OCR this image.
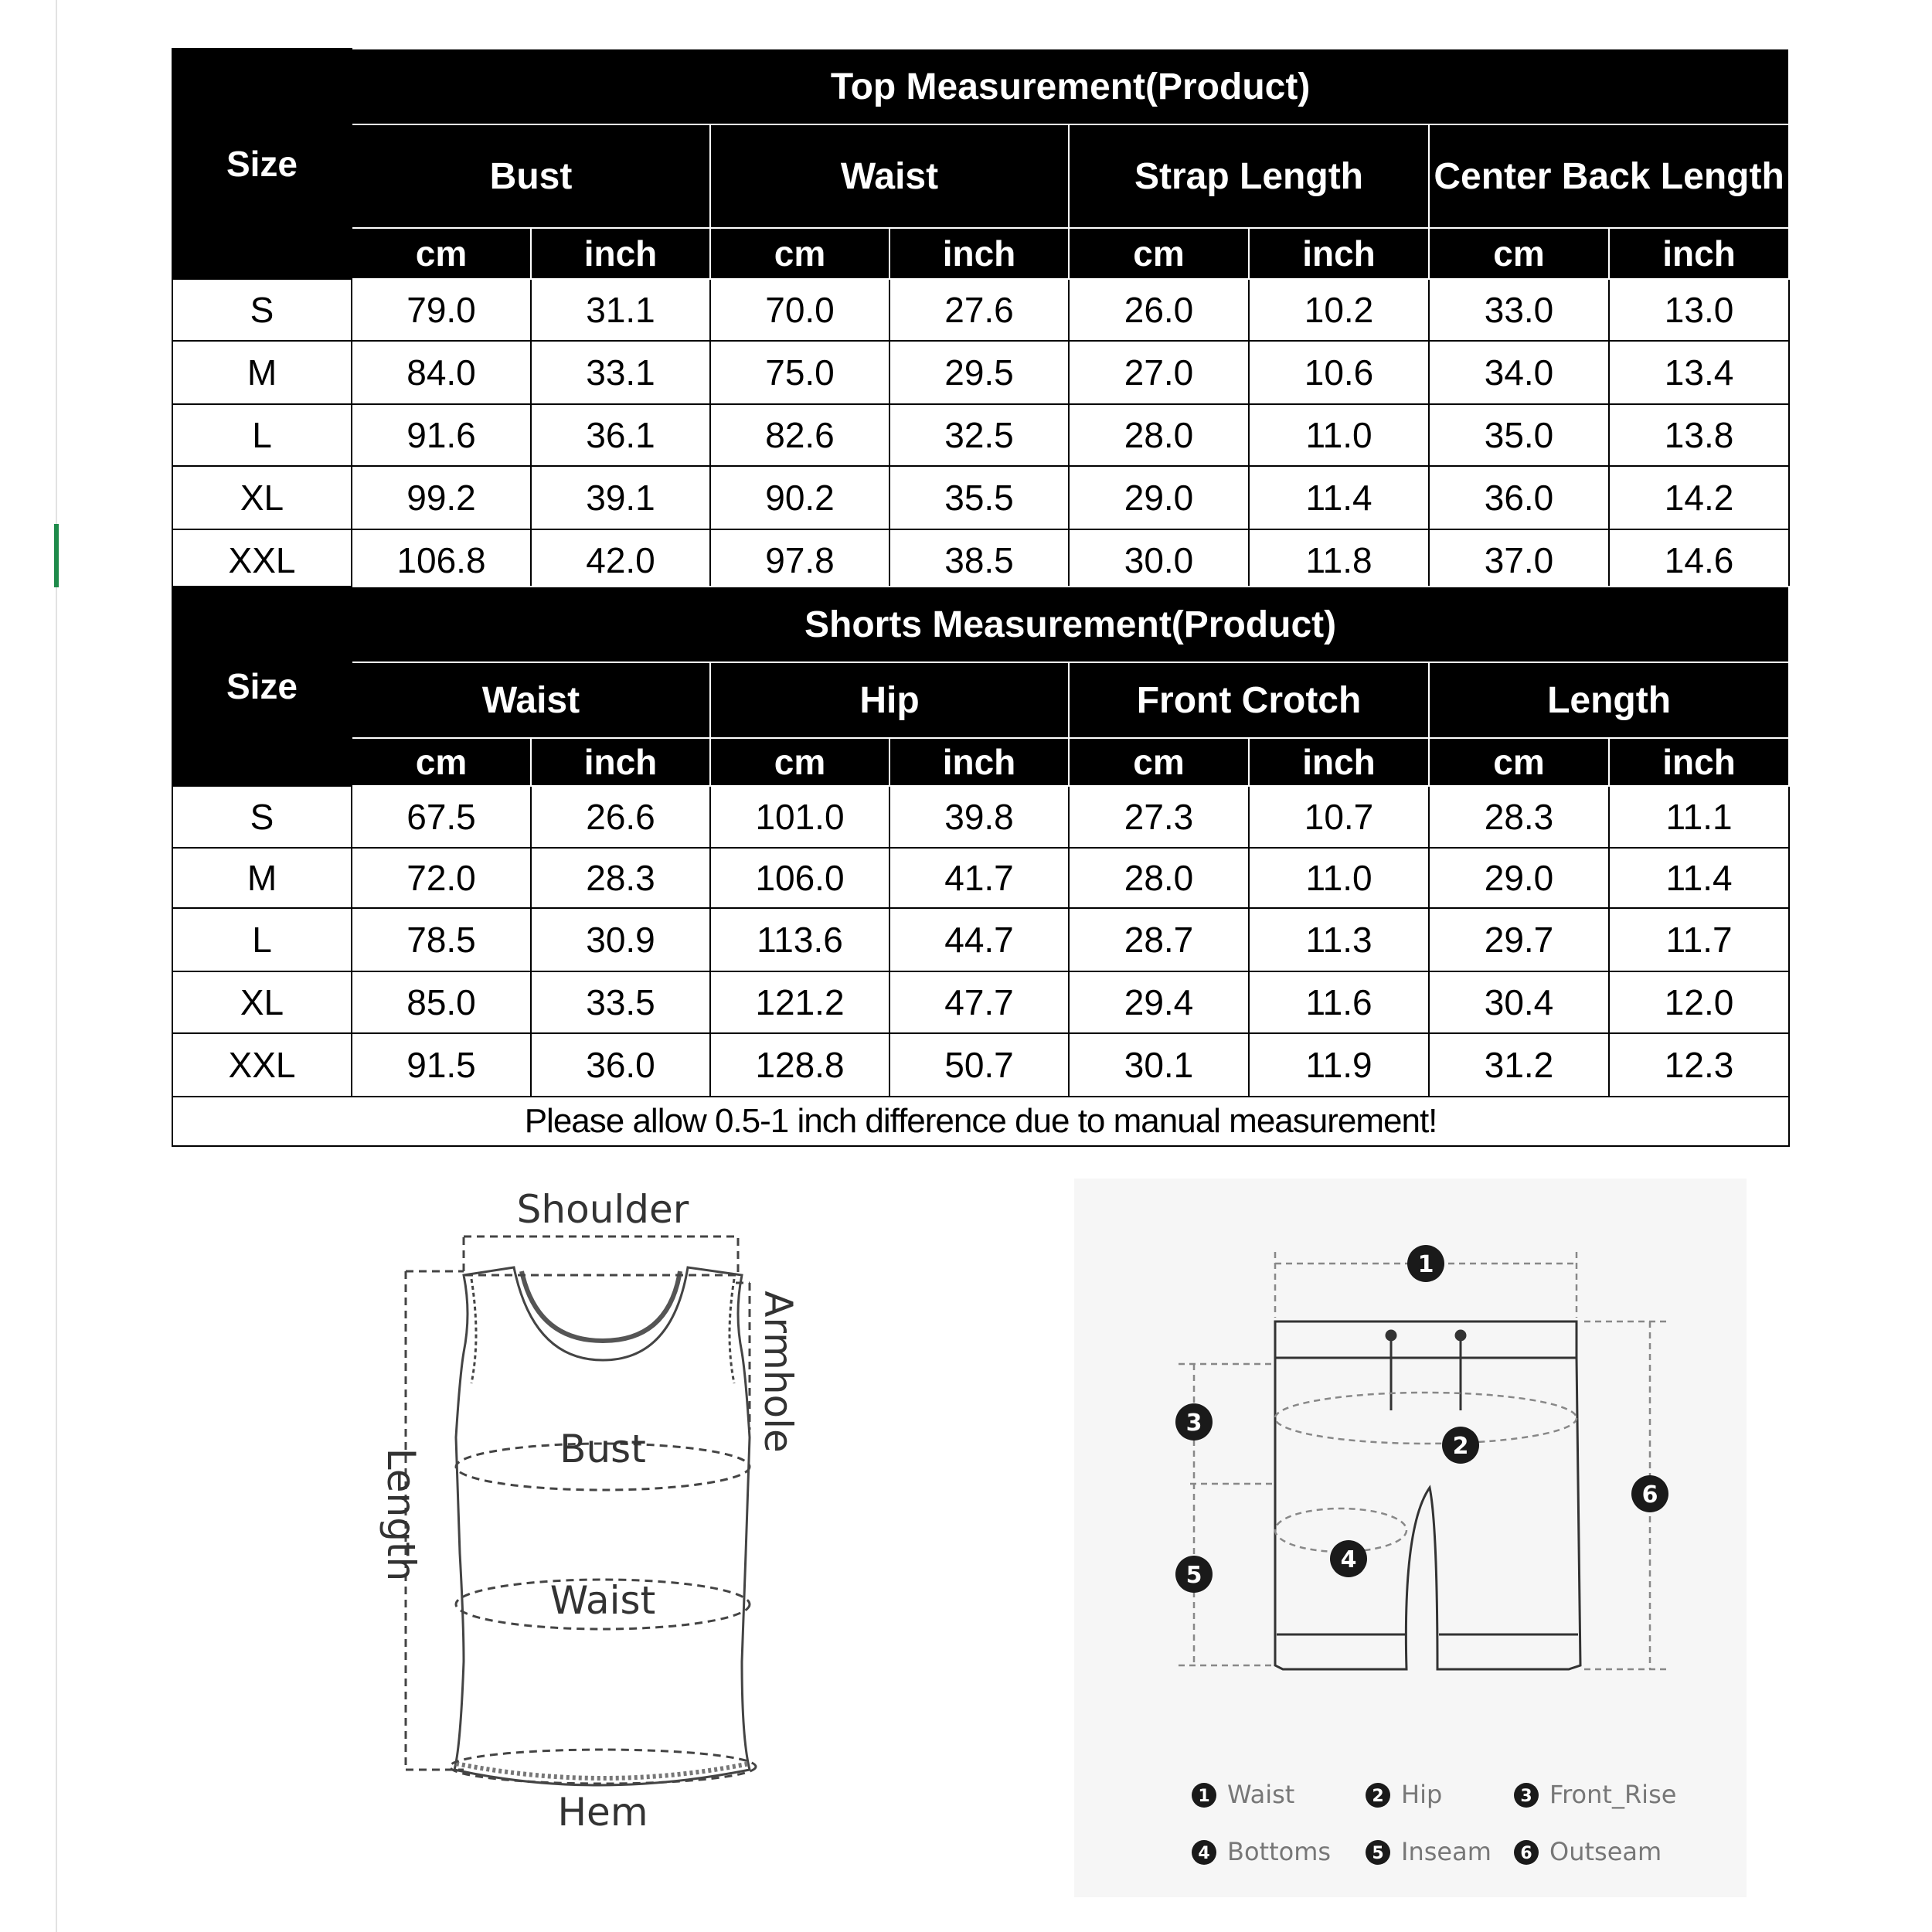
Size	Top Measurement(Product)							
	Bust		Waist		Strap Length		Center Back Length	
	cm	inch	cm	inch	cm	inch	cm	inch
S	79.0	31.1	70.0	27.6	26.0	10.2	33.0	13.0
M	84.0	33.1	75.0	29.5	27.0	10.6	34.0	13.4
L	91.6	36.1	82.6	32.5	28.0	11.0	35.0	13.8
XL	99.2	39.1	90.2	35.5	29.0	11.4	36.0	14.2
XXL	106.8	42.0	97.8	38.5	30.0	11.8	37.0	14.6
Size	Shorts Measurement(Product)							
	Waist		Hip		Front Crotch		Length	
	cm	inch	cm	inch	cm	inch	cm	inch
S	67.5	26.6	101.0	39.8	27.3	10.7	28.3	11.1
M	72.0	28.3	106.0	41.7	28.0	11.0	29.0	11.4
L	78.5	30.9	113.6	44.7	28.7	11.3	29.7	11.7
XL	85.0	33.5	121.2	47.7	29.4	11.6	30.4	12.0
XXL	91.5	36.0	128.8	50.7	30.1	11.9	31.2	12.3
Please allow 0.5-1 inch difference due to manual measurement!								
Shoulder
Bust
Waist
Hem
Length
Armhole
1
2
3
4
5
6
1 Waist	2 Hip	3 Front_Rise
4 Bottoms 5 Inseam 6 Outseam
